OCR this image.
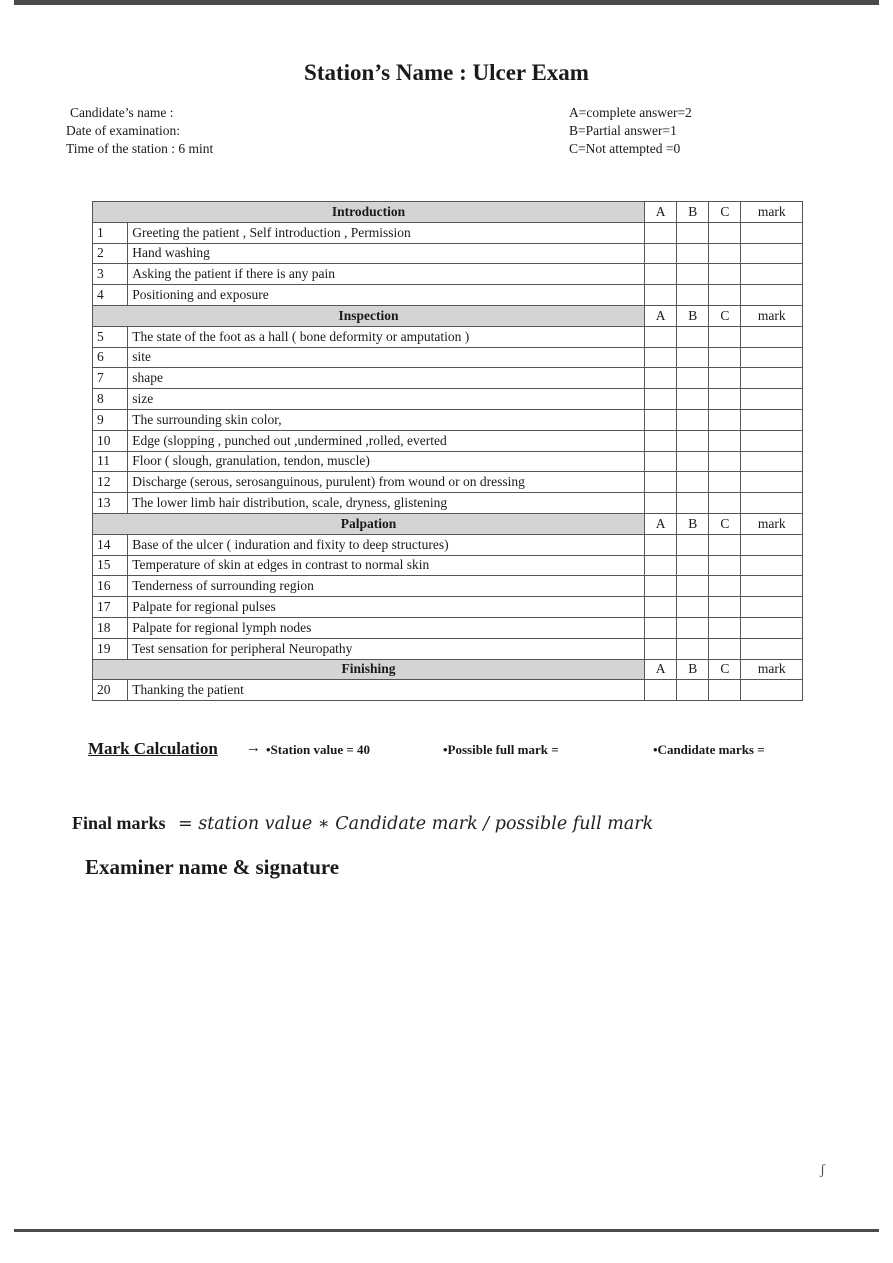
Station’s Name : Ulcer Exam
Candidate’s name :
Date of examination:
Time of the station : 6 mint
A=complete answer=2
B=Partial answer=1
C=Not attempted =0
Introduction		A	B	C	mark
1	Greeting the patient , Self introduction , Permission				
2	Hand washing				
3	Asking the patient if there is any pain				
4	Positioning and exposure				
Inspection		A	B	C	mark
5	The state of the foot as a hall ( bone deformity or amputation )				
6	site				
7	shape				
8	size				
9	The surrounding skin color,				
10	Edge (slopping , punched out ,undermined ,rolled, everted				
11	Floor ( slough, granulation, tendon, muscle)				
12	Discharge (serous, serosanguinous, purulent) from wound or on dressing				
13	The lower limb hair distribution, scale, dryness, glistening				
Palpation		A	B	C	mark
14	Base of the ulcer ( induration and fixity to deep structures)				
15	Temperature of skin at edges in contrast to normal skin				
16	Tenderness of surrounding region				
17	Palpate for regional pulses				
18	Palpate for regional lymph nodes				
19	Test sensation for peripheral Neuropathy				
Finishing		A	B	C	mark
20	Thanking the patient				
Mark Calculation → •Station value = 40	•Possible full mark =	•Candidate marks =
Final marks = station value ∗ Candidate mark / possible full mark
Examiner name & signature
ʃ
